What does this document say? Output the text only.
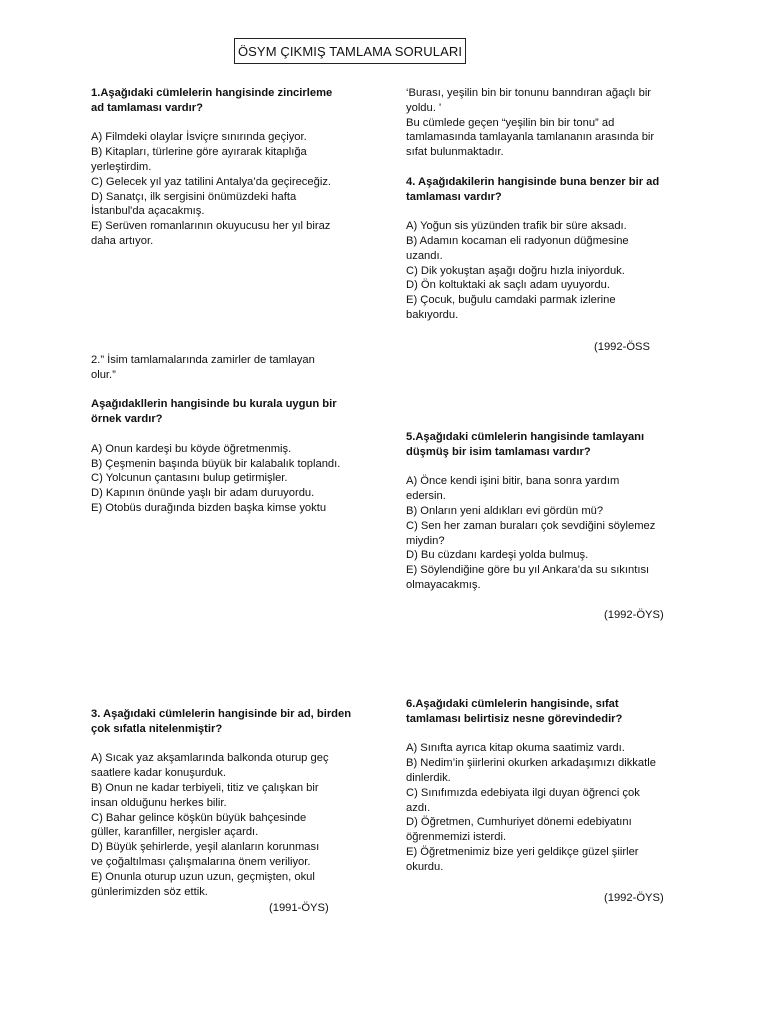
ÖSYM ÇIKMIŞ TAMLAMA SORULARI

1.Aşağıdaki cümlelerin hangisinde zincirleme

ad tamlaması vardır?

A) Filmdeki olaylar İsviçre sınırında geçiyor.

B) Kitapları, türlerine göre ayırarak kitaplığa

yerleştirdim.

C) Gelecek yıl yaz tatilini Antalya’da geçireceğiz.

D) Sanatçı, ilk sergisini önümüzdeki hafta

İstanbul'da açacakmış.

E) Serüven romanlarının okuyucusu her yıl biraz

daha artıyor.

2.” İsim tamlamalarında zamirler de tamlayan

olur.”

Aşağıdakllerin hangisinde bu kurala uygun bir

örnek vardır?

A) Onun kardeşi bu köyde öğretmenmiş.

B) Çeşmenin başında büyük bir kalabalık toplandı.

C) Yolcunun çantasını bulup getirmişler.

D) Kapının önünde yaşlı bir adam duruyordu.

E) Otobüs durağında bizden başka kimse yoktu

3. Aşağıdaki cümlelerin hangisinde bir ad, birden

çok sıfatla nitelenmiştir?

A) Sıcak yaz akşamlarında balkonda oturup geç

saatlere kadar konuşurduk.

B) Onun ne kadar terbiyeli, titiz ve çalışkan bir

insan olduğunu herkes bilir.

C) Bahar gelince köşkün büyük bahçesinde

güller, karanfiller, nergisler açardı.

D) Büyük şehirlerde, yeşil alanların korunması

ve çoğaltılması çalışmalarına önem veriliyor.

E) Onunla oturup uzun uzun, geçmişten, okul

günlerimizden söz ettik.

(1991-ÖYS)

‘Burası, yeşilin bin bir tonunu banndıran ağaçlı bir

yoldu. '

Bu cümlede geçen “yeşilin bin bir tonu” ad

tamlamasında tamlayanla tamlananın arasında bir

sıfat bulunmaktadır.

4. Aşağıdakilerin hangisinde buna benzer bir ad

tamlaması vardır?

A) Yoğun sis yüzünden trafik bir süre aksadı.

B) Adamın kocaman eli radyonun düğmesine

uzandı.

C) Dik yokuştan aşağı doğru hızla iniyorduk.

D) Ön koltuktaki ak saçlı adam uyuyordu.

E) Çocuk, buğulu camdaki parmak izlerine

bakıyordu.

(1992-ÖSS

5.Aşağıdaki cümlelerin hangisinde tamlayanı

düşmüş bir isim tamlaması vardır?

A) Önce kendi işini bitir, bana sonra yardım

edersin.

B) Onların yeni aldıkları evi gördün mü?

C) Sen her zaman buraları çok sevdiğini söylemez

miydin?

D) Bu cüzdanı kardeşi yolda bulmuş.

E) Söylendiğine göre bu yıl Ankara’da su sıkıntısı

olmayacakmış.

(1992-ÖYS)

6.Aşağıdaki cümlelerin hangisinde, sıfat

tamlaması belirtisiz nesne görevindedir?

A) Sınıfta ayrıca kitap okuma saatimiz vardı.

B) Nedim’in şiirlerini okurken arkadaşımızı dikkatle

dinlerdik.

C) Sınıfımızda edebiyata ilgi duyan öğrenci çok

azdı.

D) Öğretmen, Cumhuriyet dönemi edebiyatını

öğrenmemizi isterdi.

E) Öğretmenimiz bize yeri geldikçe güzel şiirler

okurdu.

(1992-ÖYS)
